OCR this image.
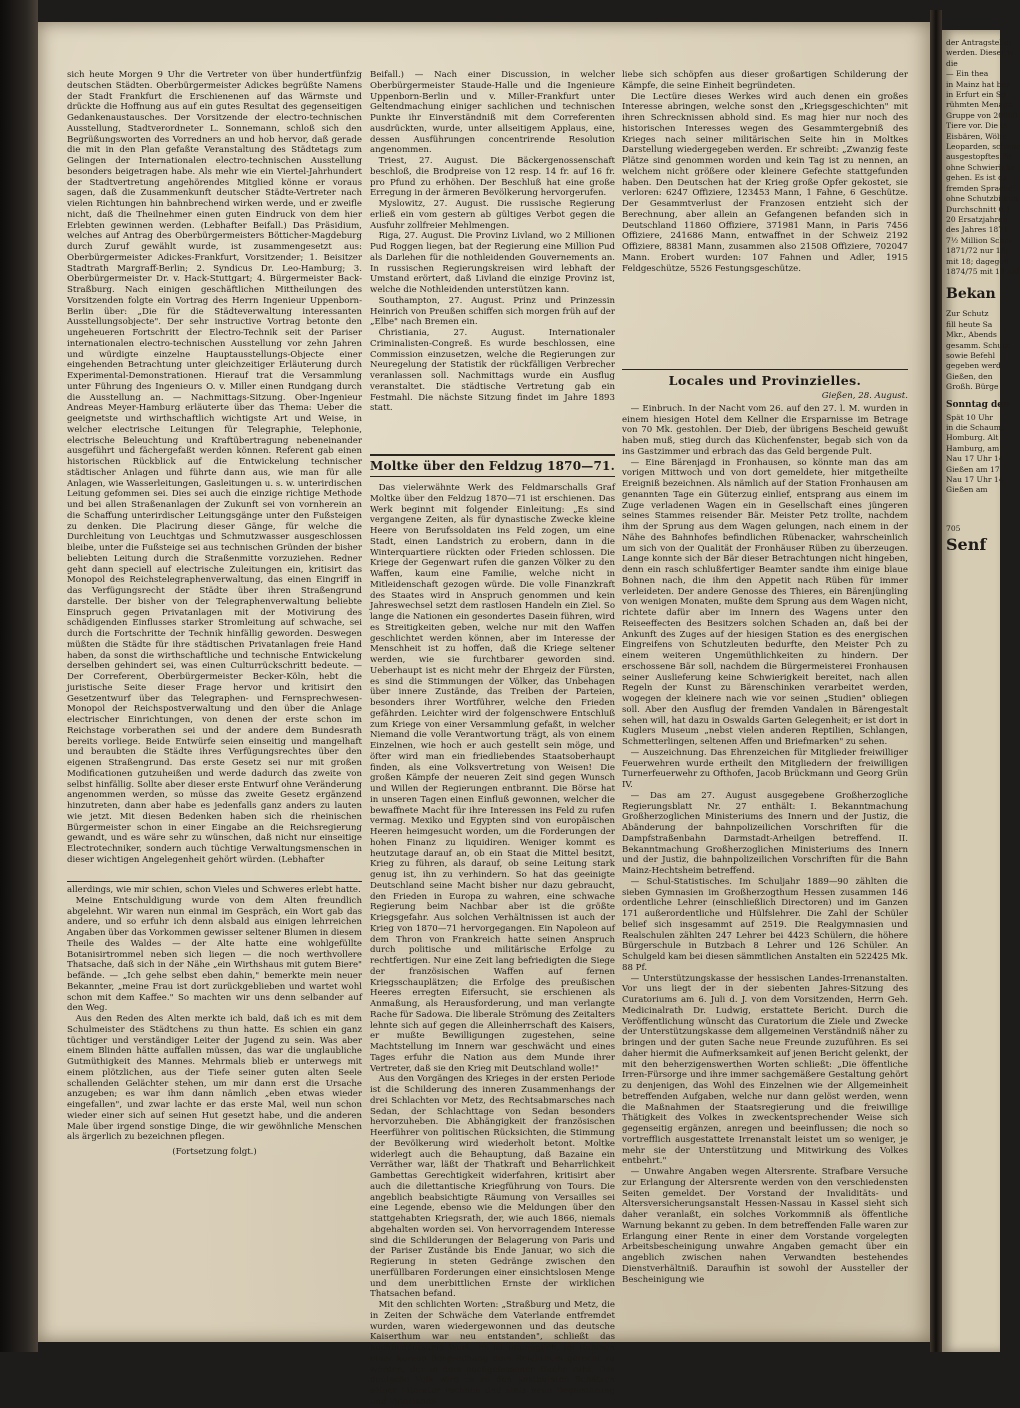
sich heute Morgen 9 Uhr die Vertreter von über hundertfünfzig deutschen Städten. Oberbürgermeister Adickes begrüßte Namens der Stadt Frankfurt die Erschienenen auf das Wärmste und drückte die Hoffnung aus auf ein gutes Resultat des gegenseitigen Gedankenaustausches. Der Vorsitzende der electro-technischen Ausstellung, Stadtverordneter L. Sonnemann, schloß sich den Begrüßungsworten des Vorredners an und hob hervor, daß gerade die mit in den Plan gefaßte Veranstaltung des Städtetags zum Gelingen der Internationalen electro-technischen Ausstellung besonders beigetragen habe. Als mehr wie ein Viertel-Jahrhundert der Stadtvertretung angehörendes Mitglied könne er voraus sagen, daß die Zusammenkunft deutscher Städte-Vertreter nach vielen Richtungen hin bahnbrechend wirken werde, und er zweifle nicht, daß die Theilnehmer einen guten Eindruck von dem hier Erlebten gewinnen werden. (Lebhafter Beifall.) Das Präsidium, welches auf Antrag des Oberbürgermeisters Bötticher-Magdeburg durch Zuruf gewählt wurde, ist zusammengesetzt aus: Oberbürgermeister Adickes-Frankfurt, Vorsitzender; 1. Beisitzer Stadtrath Margraff-Berlin; 2. Syndicus Dr. Leo-Hamburg; 3. Oberbürgermeister Dr. v. Hack-Stuttgart; 4. Bürgermeister Back-Straßburg. Nach einigen geschäftlichen Mittheilungen des Vorsitzenden folgte ein Vortrag des Herrn Ingenieur Uppenborn-Berlin über: „Die für die Städteverwaltung interessanten Ausstellungsobjecte". Der sehr instructive Vortrag betonte den ungeheueren Fortschritt der Electro-Technik seit der Pariser internationalen electro-technischen Ausstellung vor zehn Jahren und würdigte einzelne Hauptausstellungs-Objecte einer eingehenden Betrachtung unter gleichzeitiger Erläuterung durch Experimental-Demonstrationen. Hierauf trat die Versammlung unter Führung des Ingenieurs O. v. Miller einen Rundgang durch die Ausstellung an. — Nachmittags-Sitzung. Ober-Ingenieur Andreas Meyer-Hamburg erläuterte über das Thema: Ueber die geeignetste und wirthschaftlich wichtigste Art und Weise, in welcher electrische Leitungen für Telegraphie, Telephonie, electrische Beleuchtung und Kraftübertragung nebeneinander ausgeführt und fächergefaßt werden können. Referent gab einen historischen Rückblick auf die Entwickelung technischer städtischer Anlagen und führte dann aus, wie man für alle Anlagen, wie Wasserleitungen, Gasleitungen u. s. w. unterirdischen Leitung gefommen sei. Dies sei auch die einzige richtige Methode und bei allen Straßenanlagen der Zukunft sei von vornherein an die Schaffung unterirdischer Leitungsgänge unter den Fußsteigen zu denken. Die Placirung dieser Gänge, für welche die Durchleitung von Leuchtgas und Schmutzwasser ausgeschlossen bleibe, unter die Fußsteige sei aus technischen Gründen der bisher beliebten Leitung durch die Straßenmitte vorzuziehen. Redner geht dann speciell auf electrische Zuleitungen ein, kritisirt das Monopol des Reichstelegraphenverwaltung, das einen Eingriff in das Verfügungsrecht der Städte über ihren Straßengrund darstelle. Der bisher von der Telegraphenverwaltung beliebte Einspruch gegen Privatanlagen mit der Motivirung des schädigenden Einflusses starker Stromleitung auf schwache, sei durch die Fortschritte der Technik hinfällig geworden. Deswegen müßten die Städte für ihre städtischen Privatanlagen freie Hand haben, da sonst die wirthschaftliche und technische Entwickelung derselben gehindert sei, was einen Culturrückschritt bedeute. — Der Correferent, Oberbürgermeister Becker-Köln, hebt die juristische Seite dieser Frage hervor und kritisirt den Gesetzentwurf über das Telegraphen- und Fernsprechwesen-Monopol der Reichspostverwaltung und den über die Anlage electrischer Einrichtungen, von denen der erste schon im Reichstage vorberathen sei und der andere dem Bundesrath bereits vorliege. Beide Entwürfe seien einseitig und mangelhaft und beraubten die Städte ihres Verfügungsrechtes über den eigenen Straßengrund. Das erste Gesetz sei nur mit großen Modificationen gutzuheißen und werde dadurch das zweite von selbst hinfällig. Sollte aber dieser erste Entwurf ohne Veränderung angenommen werden, so müsse das zweite Gesetz ergänzend hinzutreten, dann aber habe es jedenfalls ganz anders zu lauten wie jetzt. Mit diesen Bedenken haben sich die rheinischen Bürgermeister schon in einer Eingabe an die Reichsregierung gewandt, und es wäre sehr zu wünschen, daß nicht nur einseitige Electrotechniker, sondern auch tüchtige Verwaltungsmenschen in dieser wichtigen Angelegenheit gehört würden. (Lebhafter

allerdings, wie mir schien, schon Vieles und Schweres erlebt hatte.

Meine Entschuldigung wurde von dem Alten freundlich abgelehnt. Wir waren nun einmal im Gespräch, ein Wort gab das andere, und so erfuhr ich denn alsbald aus einigen lehrreichen Angaben über das Vorkommen gewisser seltener Blumen in diesem Theile des Waldes — der Alte hatte eine wohlgefüllte Botanisirtrommel neben sich liegen — die noch werthvollere Thatsache, daß sich in der Nähe „ein Wirthshaus mit gutem Biere" befände. — „Ich gehe selbst eben dahin," bemerkte mein neuer Bekannter, „meine Frau ist dort zurückgeblieben und wartet wohl schon mit dem Kaffee." So machten wir uns denn selbander auf den Weg.

Aus den Reden des Alten merkte ich bald, daß ich es mit dem Schulmeister des Städtchens zu thun hatte. Es schien ein ganz tüchtiger und verständiger Leiter der Jugend zu sein. Was aber einem Blinden hätte auffallen müssen, das war die unglaubliche Gutmüthigkeit des Mannes. Mehrmals blieb er unterwegs mit einem plötzlichen, aus der Tiefe seiner guten alten Seele schallenden Gelächter stehen, um mir dann erst die Ursache anzugeben; es war ihm dann nämlich „eben etwas wieder eingefallen", und zwar lachte er das erste Mal, weil nun schon wieder einer sich auf seinen Hut gesetzt habe, und die anderen Male über irgend sonstige Dinge, die wir gewöhnliche Menschen als ärgerlich zu bezeichnen pflegen.

(Fortsetzung folgt.)

Beifall.) — Nach einer Discussion, in welcher Oberbürgermeister Staude-Halle und die Ingenieure Uppenborn-Berlin und v. Miller-Frankfurt unter Geltendmachung einiger sachlichen und technischen Punkte ihr Einverständniß mit dem Correferenten ausdrückten, wurde, unter allseitigem Applaus, eine, dessen Ausführungen concentrirende Resolution angenommen.

Triest, 27. August. Die Bäckergenossenschaft beschloß, die Brodpreise von 12 resp. 14 fr. auf 16 fr. pro Pfund zu erhöhen. Der Beschluß hat eine große Erregung in der ärmeren Bevölkerung hervorgerufen.

Myslowitz, 27. August. Die russische Regierung erließ ein vom gestern ab gültiges Verbot gegen die Ausfuhr zollfreier Mehlmengen.

Riga, 27. August. Die Provinz Livland, wo 2 Millionen Pud Roggen liegen, bat der Regierung eine Million Pud als Darlehen für die nothleidenden Gouvernements an. In russischen Regierungskreisen wird lebhaft der Umstand erörtert, daß Livland die einzige Provinz ist, welche die Nothleidenden unterstützen kann.

Southampton, 27. August. Prinz und Prinzessin Heinrich von Preußen schiffen sich morgen früh auf der „Elbe" nach Bremen ein.

Christiania, 27. August. Internationaler Criminalisten-Congreß. Es wurde beschlossen, eine Commission einzusetzen, welche die Regierungen zur Neuregelung der Statistik der rückfälligen Verbrecher veranlassen soll. Nachmittags wurde ein Ausflug veranstaltet. Die städtische Vertretung gab ein Festmahl. Die nächste Sitzung findet im Jahre 1893 statt.

Moltke über den Feldzug 1870—71.

Das vielerwähnte Werk des Feldmarschalls Graf Moltke über den Feldzug 1870—71 ist erschienen. Das Werk beginnt mit folgender Einleitung: „Es sind vergangene Zeiten, als für dynastische Zwecke kleine Heere von Berufssoldaten ins Feld zogen, um eine Stadt, einen Landstrich zu erobern, dann in die Winterquartiere rückten oder Frieden schlossen. Die Kriege der Gegenwart rufen die ganzen Völker zu den Waffen, kaum eine Familie, welche nicht in Mitleidenschaft gezogen würde. Die volle Finanzkraft des Staates wird in Anspruch genommen und kein Jahreswechsel setzt dem rastlosen Handeln ein Ziel. So lange die Nationen ein gesondertes Dasein führen, wird es Streitigkeiten geben, welche nur mit den Waffen geschlichtet werden können, aber im Interesse der Menschheit ist zu hoffen, daß die Kriege seltener werden, wie sie furchtbarer geworden sind. Ueberhaupt ist es nicht mehr der Ehrgeiz der Fürsten, es sind die Stimmungen der Völker, das Unbehagen über innere Zustände, das Treiben der Parteien, besonders ihrer Wortführer, welche den Frieden gefährden. Leichter wird der folgenschwere Entschluß zum Kriege von einer Versammlung gefaßt, in welcher Niemand die volle Verantwortung trägt, als von einem Einzelnen, wie hoch er auch gestellt sein möge, und öfter wird man ein friedliebendes Staatsoberhaupt finden, als eine Volksvertretung von Weisen! Die großen Kämpfe der neueren Zeit sind gegen Wunsch und Willen der Regierungen entbrannt. Die Börse hat in unseren Tagen einen Einfluß gewonnen, welcher die bewaffnete Macht für ihre Interessen ins Feld zu rufen vermag. Mexiko und Egypten sind von europäischen Heeren heimgesucht worden, um die Forderungen der hohen Finanz zu liquidiren. Weniger kommt es heutzutage darauf an, ob ein Staat die Mittel besitzt, Krieg zu führen, als darauf, ob seine Leitung stark genug ist, ihn zu verhindern. So hat das geeinigte Deutschland seine Macht bisher nur dazu gebraucht, den Frieden in Europa zu wahren, eine schwache Regierung beim Nachbar aber ist die größte Kriegsgefahr. Aus solchen Verhältnissen ist auch der Krieg von 1870—71 hervorgegangen. Ein Napoleon auf dem Thron von Frankreich hatte seinen Anspruch durch politische und militärische Erfolge zu rechtfertigen. Nur eine Zeit lang befriedigten die Siege der französischen Waffen auf fernen Kriegsschauplätzen; die Erfolge des preußischen Heeres erregten Eifersucht, sie erschienen als Anmaßung, als Herausforderung, und man verlangte Rache für Sadowa. Die liberale Strömung des Zeitalters lehnte sich auf gegen die Alleinherrschaft des Kaisers, er mußte Bewilligungen zugestehen, seine Machtstellung im Innern war geschwächt und eines Tages erfuhr die Nation aus dem Munde ihrer Vertreter, daß sie den Krieg mit Deutschland wolle!"

Aus den Vorgängen des Krieges in der ersten Periode ist die Schilderung des inneren Zusammenhangs der drei Schlachten vor Metz, des Rechtsabmarsches nach Sedan, der Schlachttage von Sedan besonders hervorzuheben. Die Abhängigkeit der französischen Heerführer von politischen Rücksichten, die Stimmung der Bevölkerung wird wiederholt betont. Moltke widerlegt auch die Behauptung, daß Bazaine ein Verräther war, läßt der Thatkraft und Beharrlichkeit Gambettas Gerechtigkeit widerfahren, kritisirt aber auch die dilettantische Kriegführung von Tours. Die angeblich beabsichtigte Räumung von Versailles sei eine Legende, ebenso wie die Meldungen über den stattgehabten Kriegsrath, der, wie auch 1866, niemals abgehalten worden sei. Von hervorragendem Interesse sind die Schilderungen der Belagerung von Paris und der Pariser Zustände bis Ende Januar, wo sich die Regierung in steten Gedränge zwischen den unerfüllbaren Forderungen einer einsichtslosen Menge und dem unerbittlichen Ernste der wirklichen Thatsachen befand.

Mit den schlichten Worten: „Straßburg und Metz, die in Zeiten der Schwäche dem Vaterlande entfremdet wurden, waren wiedergewonnen und das deutsche Kaiserthum war neu entstanden", schließt das hochbedeutsame Werk. Es ist ummöglich, im Rahmen einer kurzen Besprechung dem Reichthum gerecht zu werden, der in dem nachgelassenen Buche ruht. Das deutsche Volk wird es zu den kostbarsten Schätzen seiner Literatur rechnen und stets neue Begeisterung und Vaterlands-

liebe sich schöpfen aus dieser großartigen Schilderung der Kämpfe, die seine Einheit begründeten.

Die Lectüre dieses Werkes wird auch denen ein großes Interesse abringen, welche sonst den „Kriegsgeschichten" mit ihren Schrecknissen abhold sind. Es mag hier nur noch des historischen Interesses wegen des Gesammtergebniß des Krieges nach seiner militärischen Seite hin in Moltkes Darstellung wiedergegeben werden. Er schreibt: „Zwanzig feste Plätze sind genommen worden und kein Tag ist zu nennen, an welchem nicht größere oder kleinere Gefechte stattgefunden haben. Den Deutschen hat der Krieg große Opfer gekostet, sie verloren: 6247 Offiziere, 123453 Mann, 1 Fahne, 6 Geschütze. Der Gesammtverlust der Franzosen entzieht sich der Berechnung, aber allein an Gefangenen befanden sich in Deutschland 11860 Offiziere, 371981 Mann, in Paris 7456 Offiziere, 241686 Mann, entwaffnet in der Schweiz 2192 Offiziere, 88381 Mann, zusammen also 21508 Offiziere, 702047 Mann. Erobert wurden: 107 Fahnen und Adler, 1915 Feldgeschütze, 5526 Festungsgeschütze.

Locales und Provinzielles.

Gießen, 28. August.

— Einbruch. In der Nacht vom 26. auf den 27. l. M. wurden in einem hiesigen Hotel dem Kellner die Ersparnisse im Betrage von 70 Mk. gestohlen. Der Dieb, der übrigens Bescheid gewußt haben muß, stieg durch das Küchenfenster, begab sich von da ins Gastzimmer und erbrach das das Geld bergende Pult.

— Eine Bärenjagd in Fronhausen, so könnte man das am vorigen Mittwoch und von dort gemeldete, hier mitgetheilte Ereigniß bezeichnen. Als nämlich auf der Station Fronhausen am genannten Tage ein Güterzug einlief, entsprang aus einem im Zuge verladenen Wagen ein in Gesellschaft eines jüngeren seines Stammes reisender Bär. Meister Petz trollte, nachdem ihm der Sprung aus dem Wagen gelungen, nach einem in der Nähe des Bahnhofes befindlichen Rübenacker, wahrscheinlich um sich von der Qualität der Fronhäuser Rüben zu überzeugen. Lange konnte sich der Bär dieser Betrachtungen nicht hingeben, denn ein rasch schlußfertiger Beamter sandte ihm einige blaue Bohnen nach, die ihm den Appetit nach Rüben für immer verleideten. Der andere Genosse des Thieres, ein Bärenjüngling von wenigen Monaten, mußte dem Sprung aus dem Wagen nicht, richtete dafür aber im Innern des Wagens unter den Reiseeffecten des Besitzers solchen Schaden an, daß bei der Ankunft des Zuges auf der hiesigen Station es des energischen Eingreifens von Schutzleuten bedurfte, den Meister Pch zu einem weiteren Ungemüthlichkeiten zu hindern. Der erschossene Bär soll, nachdem die Bürgermeisterei Fronhausen seiner Auslieferung keine Schwierigkeit bereitet, nach allen Regeln der Kunst zu Bärenschinken verarbeitet werden, wogegen der kleinere nach wie vor seinen „Studien" obliegen soll. Aber den Ausflug der fremden Vandalen in Bärengestalt sehen will, hat dazu in Oswalds Garten Gelegenheit; er ist dort in Kuglers Museum „nebst vielen anderen Reptilien, Schlangen, Schmetterlingen, seltenen Affen und Briefmarken" zu sehen.

— Auszeichnung. Das Ehrenzeichen für Mitglieder freiwilliger Feuerwehren wurde ertheilt den Mitgliedern der freiwilligen Turnerfeuerwehr zu Ofthofen, Jacob Brückmann und Georg Grün IV.

— Das am 27. August ausgegebene Großherzogliche Regierungsblatt Nr. 27 enthält: I. Bekanntmachung Großherzoglichen Ministeriums des Innern und der Justiz, die Abänderung der bahnpolizeilichen Vorschriften für die Dampfstraßenbahn Darmstadt-Arheilgen betreffend. II. Bekanntmachung Großherzoglichen Ministeriums des Innern und der Justiz, die bahnpolizeilichen Vorschriften für die Bahn Mainz-Hechtsheim betreffend.

— Schul-Statistisches. Im Schuljahr 1889—90 zählten die sieben Gymnasien im Großherzogthum Hessen zusammen 146 ordentliche Lehrer (einschließlich Directoren) und im Ganzen 171 außerordentliche und Hülfslehrer. Die Zahl der Schüler belief sich insgesammt auf 2519. Die Realgymnasien und Realschulen zählten 247 Lehrer bei 4423 Schülern, die höhere Bürgerschule in Butzbach 8 Lehrer und 126 Schüler. An Schulgeld kam bei diesen sämmtlichen Anstalten ein 522425 Mk. 88 Pf.

— Unterstützungskasse der hessischen Landes-Irrenanstalten. Vor uns liegt der in der siebenten Jahres-Sitzung des Curatoriums am 6. Juli d. J. von dem Vorsitzenden, Herrn Geh. Medicinalrath Dr. Ludwig, erstattete Bericht. Durch die Veröffentlichung wünscht das Curatorium die Ziele und Zwecke der Unterstützungskasse dem allgemeinen Verständniß näher zu bringen und der guten Sache neue Freunde zuzuführen. Es sei daher hiermit die Aufmerksamkeit auf jenen Bericht gelenkt, der mit den beherzigenswerthen Worten schließt: „Die öffentliche Irren-Fürsorge und ihre immer sachgemäßere Gestaltung gehört zu denjenigen, das Wohl des Einzelnen wie der Allgemeinheit betreffenden Aufgaben, welche nur dann gelöst werden, wenn die Maßnahmen der Staatsregierung und die freiwillige Thätigkeit des Volkes in zweckentsprechender Weise sich gegenseitig ergänzen, anregen und beeinflussen; die noch so vortrefflich ausgestattete Irrenanstalt leistet um so weniger, je mehr sie der Unterstützung und Mitwirkung des Volkes entbehrt."

— Unwahre Angaben wegen Altersrente. Strafbare Versuche zur Erlangung der Altersrente werden von den verschiedensten Seiten gemeldet. Der Vorstand der Invaliditäts- und Altersversicherungsanstalt Hessen-Nassau in Kassel sieht sich daher veranlaßt, ein solches Vorkommniß als öffentliche Warnung bekannt zu geben. In dem betreffenden Falle waren zur Erlangung einer Rente in einer dem Vorstande vorgelegten Arbeitsbescheinigung unwahre Angaben gemacht über ein angeblich zwischen nahen Verwandten bestehendes Dienstverhältniß. Daraufhin ist sowohl der Aussteller der Bescheinigung wie

der Antragsteller
werden. Dieser w
die
— Ein thea
in Mainz hat bea
in Erfurt ein Sp
rühmten Menage
Gruppe von 20000
Tiere vor. Die in
Eisbären, Wölfe
Leoparden, schwar
ausgestopftes Pe
ohne Schwierigke
gehen. Es ist da
fremden Sprache
ohne Schutzbildun
Durchschnitt 0,1
20 Ersatzjahren
des Jahres 1871
7½ Million Schul
1871/72 nur 18;
mit 18; dagegen
1874/75 mit 18 auf
Bekan
Zur Schutz
fill heute Sa
Mkr., Abends
gesamm. Schutz
sowie Befehl
gegeben werd
Gießen, den
Großh. Bürge
Sonntag den
Spät 10 Uhr
in die Schaum,
Homburg. Alt
Hamburg, am
Nau 17 Uhr 14
Gießen am 17
Nau 17 Uhr 14
Gießen am
705
Senf
